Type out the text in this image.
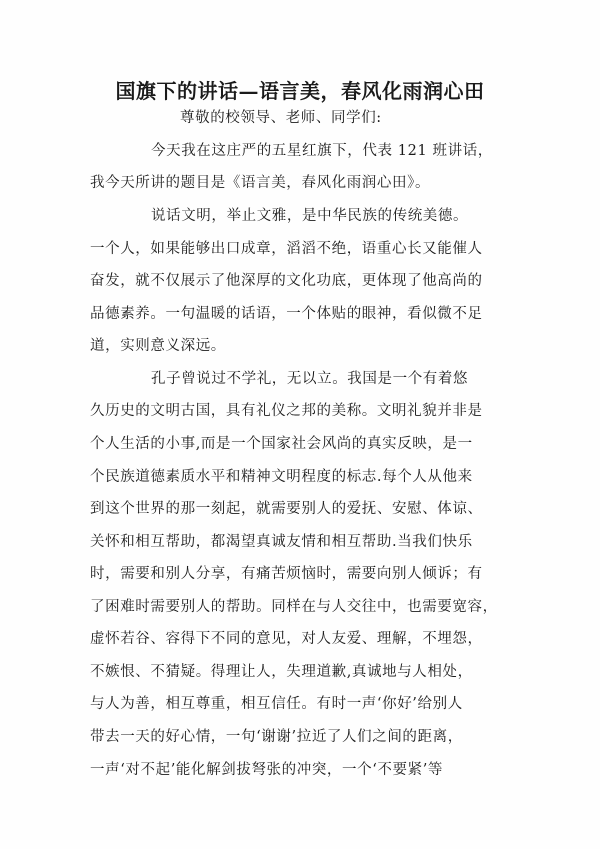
国旗下的讲话—语言美，春风化雨润心田
尊敬的校领导、老师、同学们:
今天我在这庄严的五星红旗下，代表 121 班讲话，
我今天所讲的题目是《语言美，春风化雨润心田》。
说话文明，举止文雅，是中华民族的传统美德。
一个人，如果能够出口成章，滔滔不绝，语重心长又能催人
奋发，就不仅展示了他深厚的文化功底，更体现了他高尚的
品德素养。一句温暖的话语，一个体贴的眼神，看似微不足
道，实则意义深远。
孔子曾说过不学礼，无以立。我国是一个有着悠
久历史的文明古国，具有礼仪之邦的美称。文明礼貌并非是
个人生活的小事,而是一个国家社会风尚的真实反映，是一
个民族道德素质水平和精神文明程度的标志.每个人从他来
到这个世界的那一刻起，就需要别人的爱抚、安慰、体谅、
关怀和相互帮助，都渴望真诚友情和相互帮助.当我们快乐
时，需要和别人分享，有痛苦烦恼时，需要向别人倾诉；有
了困难时需要别人的帮助。同样在与人交往中，也需要宽容，
虚怀若谷、容得下不同的意见，对人友爱、理解，不埋怨，
不嫉恨、不猜疑。得理让人，失理道歉,真诚地与人相处，
与人为善，相互尊重，相互信任。有时一声‘你好’给别人
带去一天的好心情，一句‘谢谢’拉近了人们之间的距离，
一声‘对不起’能化解剑拔弩张的冲突，一个‘不要紧’等
